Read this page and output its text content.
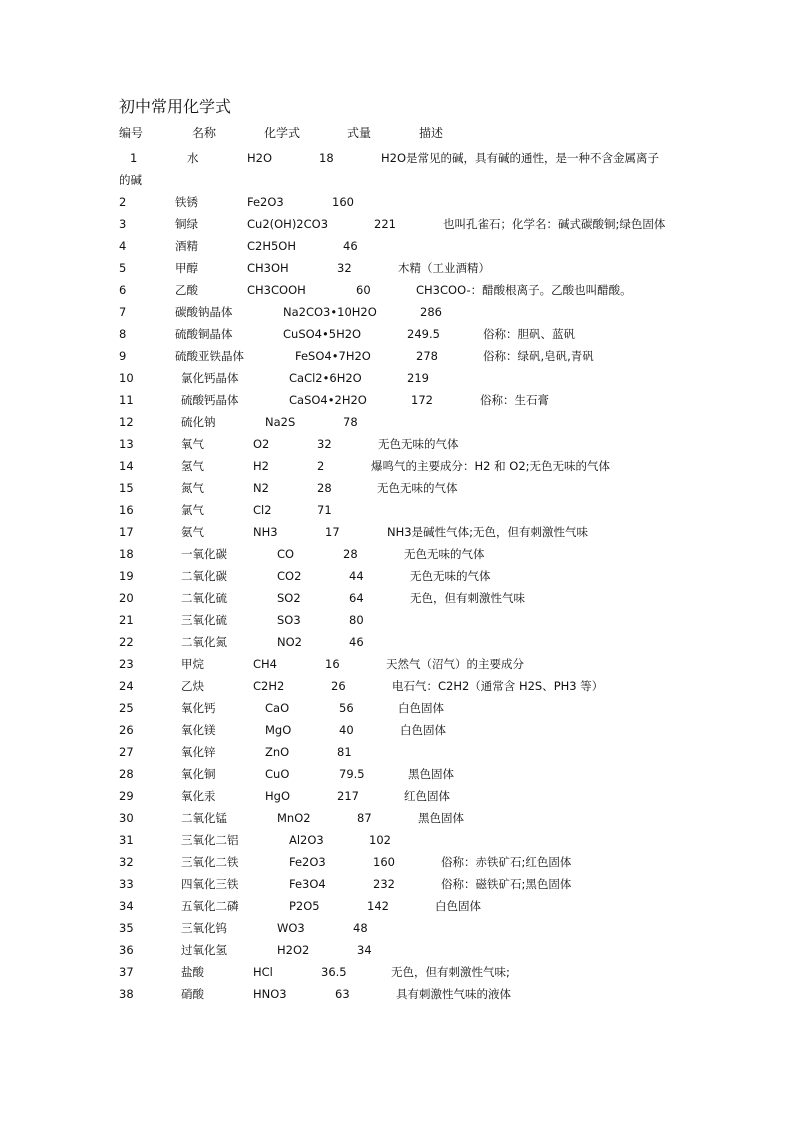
初中常用化学式
编号	名称	化学式	式量	描述
1	水	H2O	18	H2O是常见的碱，具有碱的通性，是一种不含金属离子
的碱
2	铁锈	Fe2O3	160
3	铜绿	Cu2(OH)2CO3	221	也叫孔雀石；化学名：碱式碳酸铜;绿色固体
4	酒精	C2H5OH	46
5	甲醇	CH3OH	32	木精（工业酒精）
6	乙酸	CH3COOH	60	CH3COO-：醋酸根离子。乙酸也叫醋酸。
7	碳酸钠晶体	Na2CO3•10H2O	286
8	硫酸铜晶体	CuSO4•5H2O	249.5	俗称：胆矾、蓝矾
9	硫酸亚铁晶体	FeSO4•7H2O	278	俗称：绿矾,皂矾,青矾
10	氯化钙晶体	CaCl2•6H2O	219
11	硫酸钙晶体	CaSO4•2H2O	172	俗称：生石膏
12	硫化钠	Na2S	78
13	氧气	O2	32	无色无味的气体
14	氢气	H2	2	爆鸣气的主要成分：H2 和 O2;无色无味的气体
15	氮气	N2	28	无色无味的气体
16	氯气	Cl2	71
17	氨气	NH3	17	NH3是碱性气体;无色，但有刺激性气味
18	一氧化碳	CO	28	无色无味的气体
19	二氧化碳	CO2	44	无色无味的气体
20	二氧化硫	SO2	64	无色，但有刺激性气味
21	三氧化硫	SO3	80
22	二氧化氮	NO2	46
23	甲烷	CH4	16	天然气（沼气）的主要成分
24	乙炔	C2H2	26	电石气：C2H2（通常含 H2S、PH3 等）
25	氧化钙	CaO	56	白色固体
26	氧化镁	MgO	40	白色固体
27	氧化锌	ZnO	81
28	氧化铜	CuO	79.5	黑色固体
29	氧化汞	HgO	217	红色固体
30	二氧化锰	MnO2	87	黑色固体
31	三氧化二铝	Al2O3	102
32	三氧化二铁	Fe2O3	160	俗称：赤铁矿石;红色固体
33	四氧化三铁	Fe3O4	232	俗称：磁铁矿石;黑色固体
34	五氧化二磷	P2O5	142	白色固体
35	三氧化钨	WO3	48
36	过氧化氢	H2O2	34
37	盐酸	HCl	36.5	无色，但有刺激性气味;
38	硝酸	HNO3	63	具有刺激性气味的液体
